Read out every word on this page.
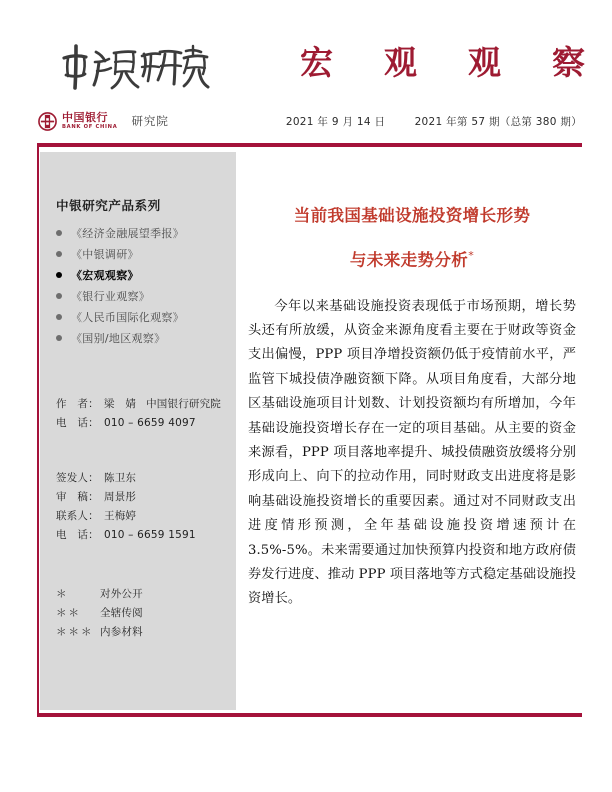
宏　观　观　察
中国银行
BANK OF CHINA 研究院	2021 年 9 月 14 日	2021 年第 57 期（总第 380 期）
中银研究产品系列
《经济金融展望季报》
《中银调研》
《宏观观察》
《银行业观察》
《人民币国际化观察》
《国别/地区观察》
作　者： 梁　婧 中国银行研究院
电　话： 010 – 6659 4097
签发人： 陈卫东
审　稿： 周景彤
联系人： 王梅婷
电　话： 010 – 6659 1591
＊	对外公开
＊＊	全辖传阅
＊＊＊ 内参材料
当前我国基础设施投资增长形势
与未来走势分析*

今年以来基础设施投资表现低于市场预期，增长势头还有所放缓，从资金来源角度看主要在于财政等资金支出偏慢，PPP 项目净增投资额仍低于疫情前水平，严监管下城投债净融资额下降。从项目角度看，大部分地区基础设施项目计划数、计划投资额均有所增加，今年基础设施投资增长存在一定的项目基础。从主要的资金来源看，PPP 项目落地率提升、城投债融资放缓将分别形成向上、向下的拉动作用，同时财政支出进度将是影响基础设施投资增长的重要因素。通过对不同财政支出进度情形预测，全年基础设施投资增速预计在 3.5%-5%。未来需要通过加快预算内投资和地方政府债券发行进度、推动 PPP 项目落地等方式稳定基础设施投资增长。
